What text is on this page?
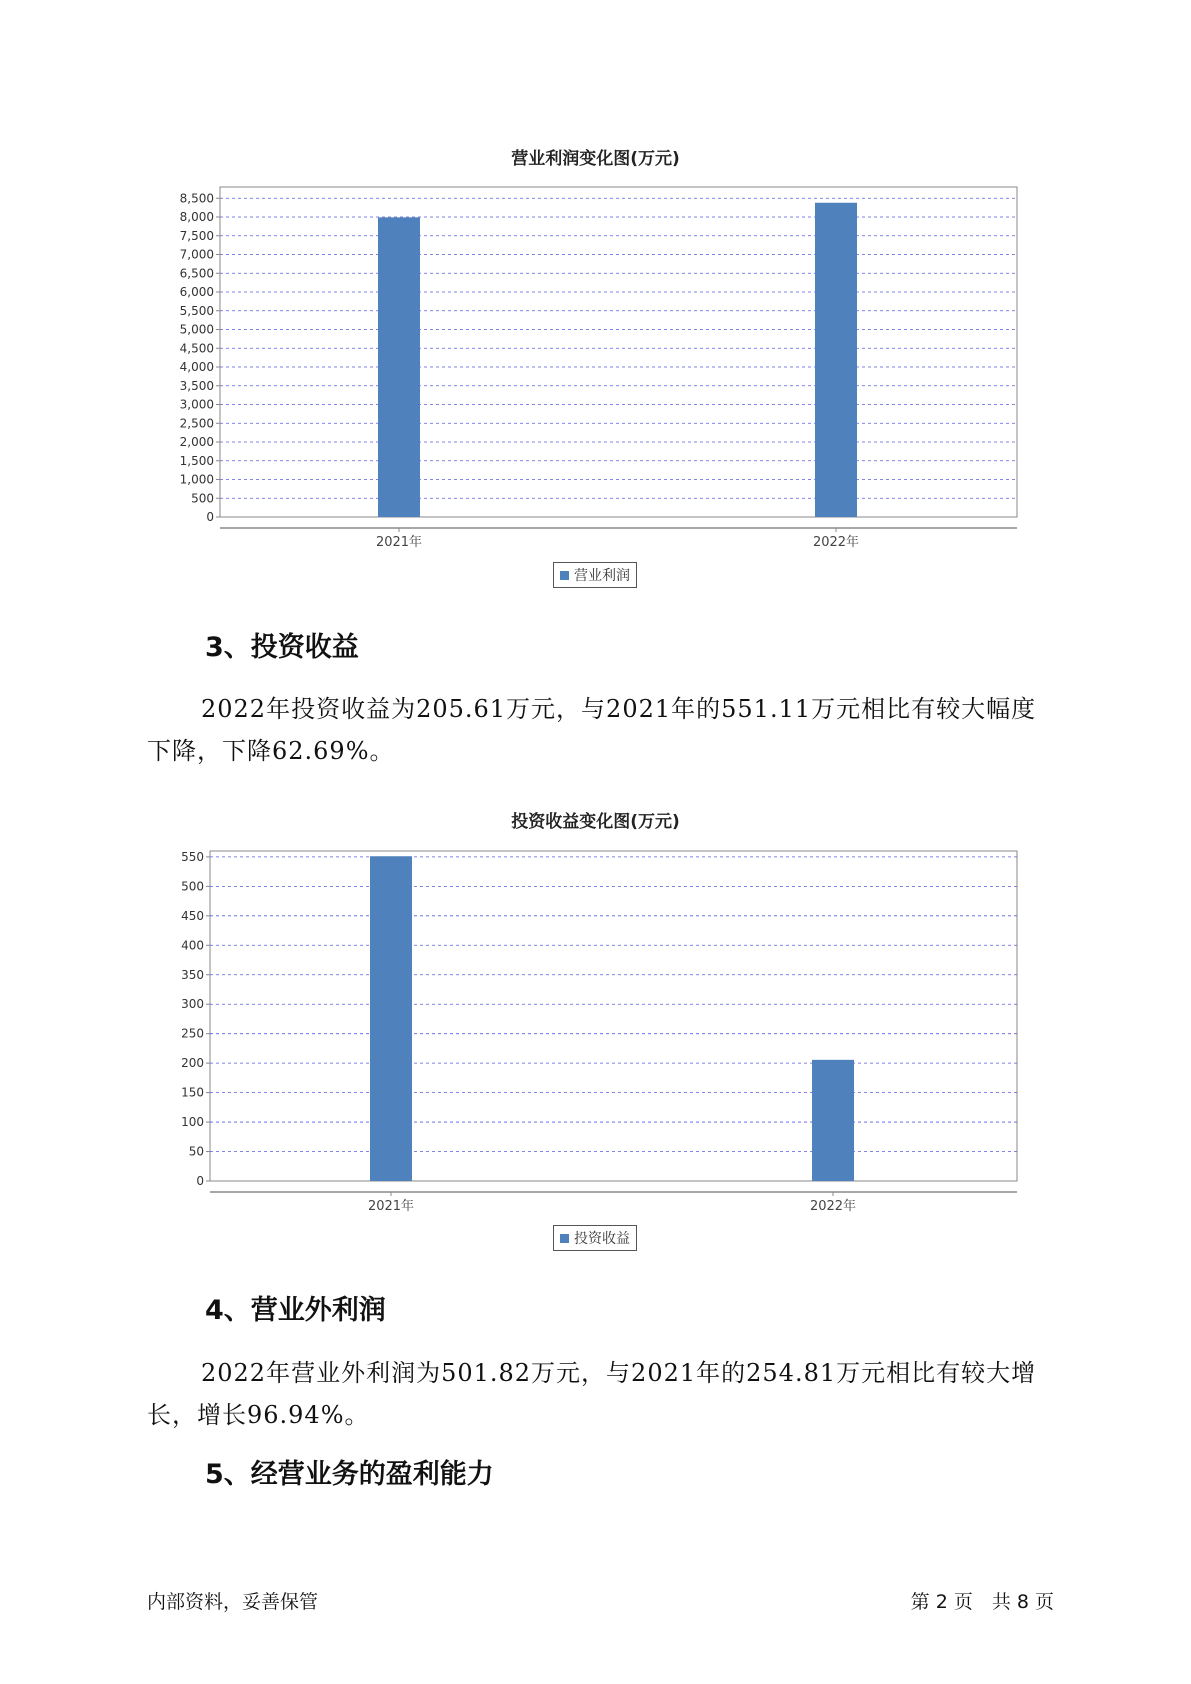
营业利润变化图(万元)
0
500
1,000
1,500
2,000
2,500
3,000
3,500
4,000
4,500
5,000
5,500
6,000
6,500
7,000
7,500
8,000
8,500
2021年	2022年
营业利润
3、投资收益
2022年投资收益为205.61万元，与2021年的551.11万元相比有较大幅度下降，下降62.69%。
投资收益变化图(万元)
0
50
100
150
200
250
300
350
400
450
500
550
2021年	2022年
投资收益
4、营业外利润
2022年营业外利润为501.82万元，与2021年的254.81万元相比有较大增长，增长96.94%。
5、经营业务的盈利能力
内部资料，妥善保管	第 2 页　共 8 页
